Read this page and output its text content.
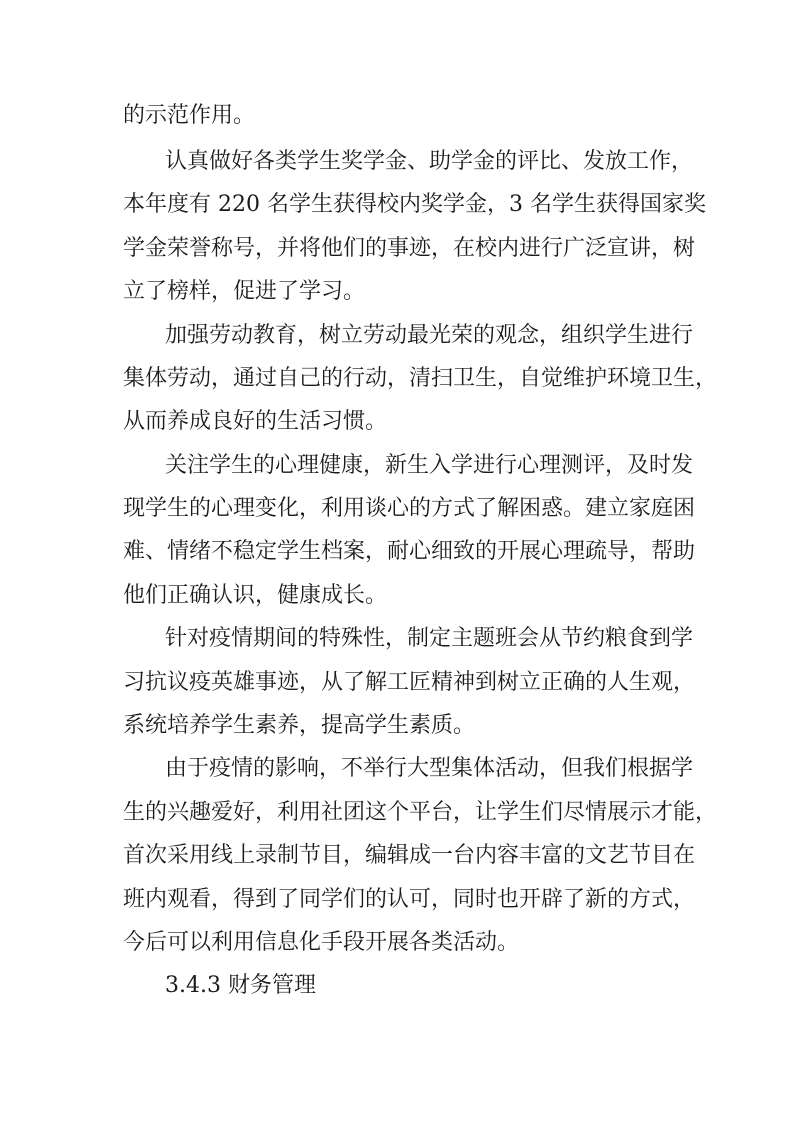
的示范作用。
认真做好各类学生奖学金、助学金的评比、发放工作，
本年度有 220 名学生获得校内奖学金，3 名学生获得国家奖
学金荣誉称号，并将他们的事迹，在校内进行广泛宣讲，树
立了榜样，促进了学习。
加强劳动教育，树立劳动最光荣的观念，组织学生进行
集体劳动，通过自己的行动，清扫卫生，自觉维护环境卫生，
从而养成良好的生活习惯。
关注学生的心理健康，新生入学进行心理测评，及时发
现学生的心理变化，利用谈心的方式了解困惑。建立家庭困
难、情绪不稳定学生档案，耐心细致的开展心理疏导，帮助
他们正确认识，健康成长。
针对疫情期间的特殊性，制定主题班会从节约粮食到学
习抗议疫英雄事迹，从了解工匠精神到树立正确的人生观，
系统培养学生素养，提高学生素质。
由于疫情的影响，不举行大型集体活动，但我们根据学
生的兴趣爱好，利用社团这个平台，让学生们尽情展示才能，
首次采用线上录制节目，编辑成一台内容丰富的文艺节目在
班内观看，得到了同学们的认可，同时也开辟了新的方式，
今后可以利用信息化手段开展各类活动。
3.4.3 财务管理
